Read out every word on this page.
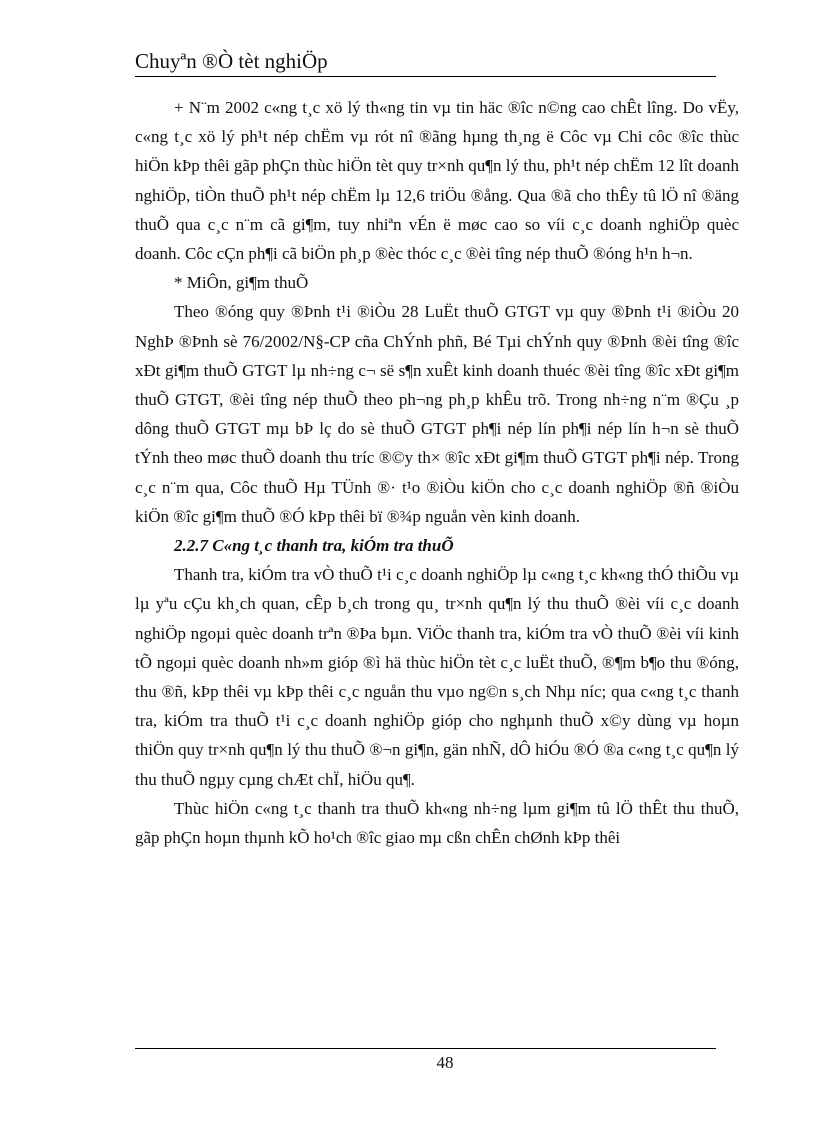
Chuyªn ®Ò tèt nghiÖp

+ N¨m 2002 c«ng t¸c xö lý th«ng tin vµ tin häc ®îc n©ng cao chÊt lîng. Do vËy, c«ng t¸c xö lý ph¹t nép chËm vµ rót nî ®ãng hµng th¸ng ë Côc vµ Chi côc ®îc thùc hiÖn kÞp thêi gãp phÇn thùc hiÖn tèt quy tr×nh qu¶n lý thu, ph¹t nép chËm 12 lît doanh nghiÖp, tiÒn thuÕ ph¹t nép chËm lµ 12,6 triÖu ®ång. Qua ®ã cho thÊy tû lÖ nî ®äng thuÕ qua c¸c n¨m cã gi¶m, tuy nhiªn vÉn ë møc cao so víi c¸c doanh nghiÖp quèc doanh. Côc cÇn ph¶i cã biÖn ph¸p ®èc thóc c¸c ®èi tîng nép thuÕ ®óng h¹n h¬n.

* MiÔn, gi¶m thuÕ

Theo ®óng quy ®Þnh t¹i ®iÒu 28 LuËt thuÕ GTGT vµ quy ®Þnh t¹i ®iÒu 20 NghÞ ®Þnh sè 76/2002/N§-CP cña ChÝnh phñ, Bé Tµi chÝnh quy ®Þnh ®èi tîng ®îc xÐt gi¶m thuÕ GTGT lµ nh÷ng c¬ së s¶n xuÊt kinh doanh thuéc ®èi tîng ®îc xÐt gi¶m thuÕ GTGT, ®èi tîng nép thuÕ theo ph¬ng ph¸p khÊu trõ. Trong nh÷ng n¨m ®Çu ¸p dông thuÕ GTGT mµ bÞ lç do sè thuÕ GTGT ph¶i nép lín ph¶i nép lín h¬n sè thuÕ tÝnh theo møc thuÕ doanh thu tríc ®©y th× ®îc xÐt gi¶m thuÕ GTGT ph¶i nép. Trong c¸c n¨m qua, Côc thuÕ Hµ TÜnh ®· t¹o ®iÒu kiÖn cho c¸c doanh nghiÖp ®ñ ®iÒu kiÖn ®îc gi¶m thuÕ ®Ó kÞp thêi bï ®¾p nguån vèn kinh doanh.

2.2.7 C«ng t¸c thanh tra, kiÓm tra thuÕ

Thanh tra, kiÓm tra vÒ thuÕ t¹i c¸c doanh nghiÖp lµ c«ng t¸c kh«ng thÓ thiÕu vµ lµ yªu cÇu kh¸ch quan, cÊp b¸ch trong qu¸ tr×nh qu¶n lý thu thuÕ ®èi víi c¸c doanh nghiÖp ngoµi quèc doanh trªn ®Þa bµn. ViÖc thanh tra, kiÓm tra vÒ thuÕ ®èi víi kinh tÕ ngoµi quèc doanh nh»m gióp ®ì hä thùc hiÖn tèt c¸c luËt thuÕ, ®¶m b¶o thu ®óng, thu ®ñ, kÞp thêi vµ kÞp thêi c¸c nguån thu vµo ng©n s¸ch Nhµ níc; qua c«ng t¸c thanh tra, kiÓm tra thuÕ t¹i c¸c doanh nghiÖp gióp cho nghµnh thuÕ x©y dùng vµ hoµn thiÖn quy tr×nh qu¶n lý thu thuÕ ®¬n gi¶n, gän nhÑ, dÔ hiÓu ®Ó ®a c«ng t¸c qu¶n lý thu thuÕ ngµy cµng chÆt chÏ, hiÖu qu¶.

Thùc hiÖn c«ng t¸c thanh tra thuÕ kh«ng nh÷ng lµm gi¶m tû lÖ thÊt thu thuÕ, gãp phÇn hoµn thµnh kÕ ho¹ch ®îc giao mµ cßn chÊn chØnh kÞp thêi

48
